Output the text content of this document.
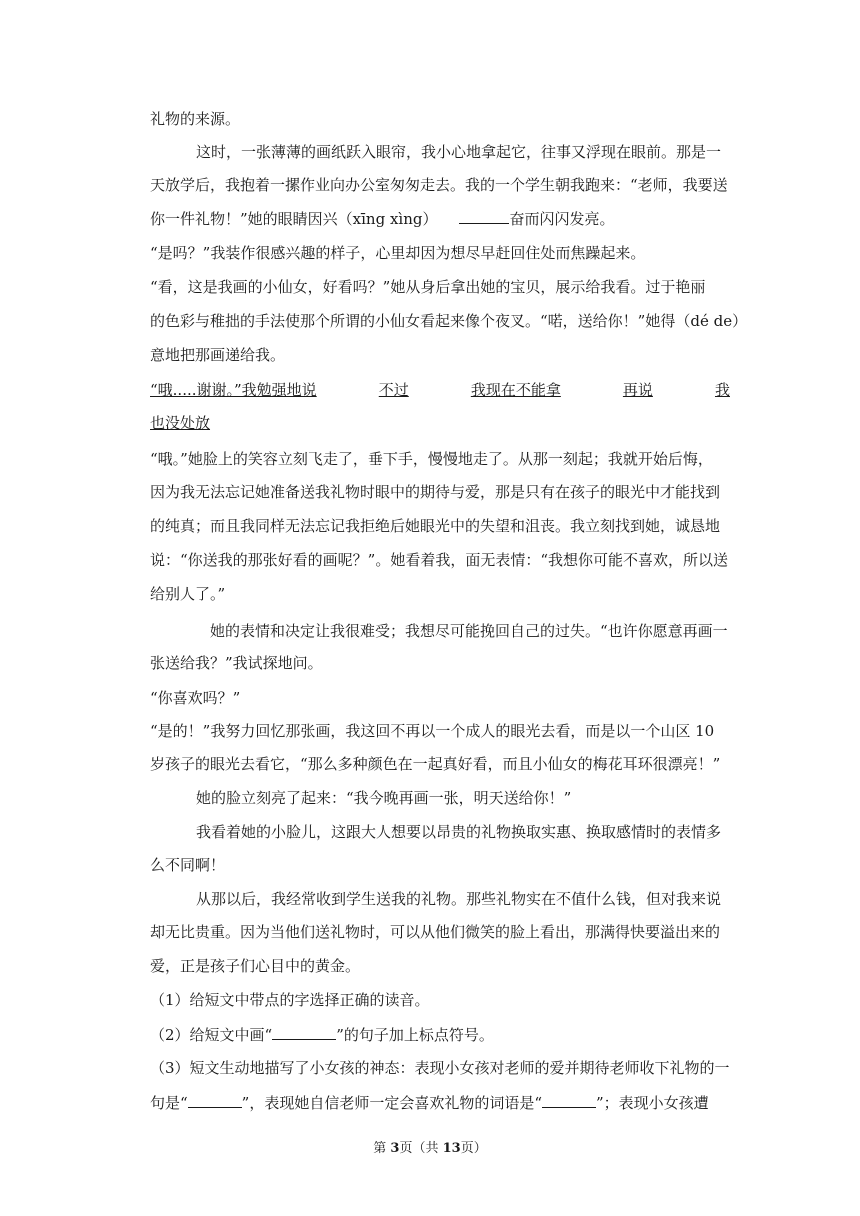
礼物的来源。
这时，一张薄薄的画纸跃入眼帘，我小心地拿起它，往事又浮现在眼前。那是一
天放学后，我抱着一摞作业向办公室匆匆走去。我的一个学生朝我跑来：“老师，我要送
你一件礼物！”她的眼睛因兴（xīng xìng）	奋而闪闪发亮。
“是吗？”我装作很感兴趣的样子，心里却因为想尽早赶回住处而焦躁起来。
“看，这是我画的小仙女，好看吗？”她从身后拿出她的宝贝，展示给我看。过于艳丽
的色彩与稚拙的手法使那个所谓的小仙女看起来像个夜叉。“喏，送给你！”她得（dé de）
意地把那画递给我。
“哦.....谢谢。”我勉强地说	不过	我现在不能拿	再说	我
也没处放
“哦。”她脸上的笑容立刻飞走了，垂下手，慢慢地走了。从那一刻起；我就开始后悔，
因为我无法忘记她准备送我礼物时眼中的期待与爱，那是只有在孩子的眼光中才能找到
的纯真；而且我同样无法忘记我拒绝后她眼光中的失望和沮丧。我立刻找到她，诚恳地
说：“你送我的那张好看的画呢？”。她看着我，面无表情：“我想你可能不喜欢，所以送
给别人了。”
她的表情和决定让我很难受；我想尽可能挽回自己的过失。“也许你愿意再画一
张送给我？”我试探地问。
“你喜欢吗？”
“是的！”我努力回忆那张画，我这回不再以一个成人的眼光去看，而是以一个山区 10
岁孩子的眼光去看它，“那么多种颜色在一起真好看，而且小仙女的梅花耳环很漂亮！”
她的脸立刻亮了起来：“我今晚再画一张，明天送给你！”
我看着她的小脸儿，这跟大人想要以昂贵的礼物换取实惠、换取感情时的表情多
么不同啊！
从那以后，我经常收到学生送我的礼物。那些礼物实在不值什么钱，但对我来说
却无比贵重。因为当他们送礼物时，可以从他们微笑的脸上看出，那满得快要溢出来的
爱，正是孩子们心目中的黄金。
（1）给短文中带点的字选择正确的读音。
（2）给短文中画“	”的句子加上标点符号。
（3）短文生动地描写了小女孩的神态：表现小女孩对老师的爱并期待老师收下礼物的一
句是“	”，表现她自信老师一定会喜欢礼物的词语是“	”；表现小女孩遭
第 3页（共 13页）
